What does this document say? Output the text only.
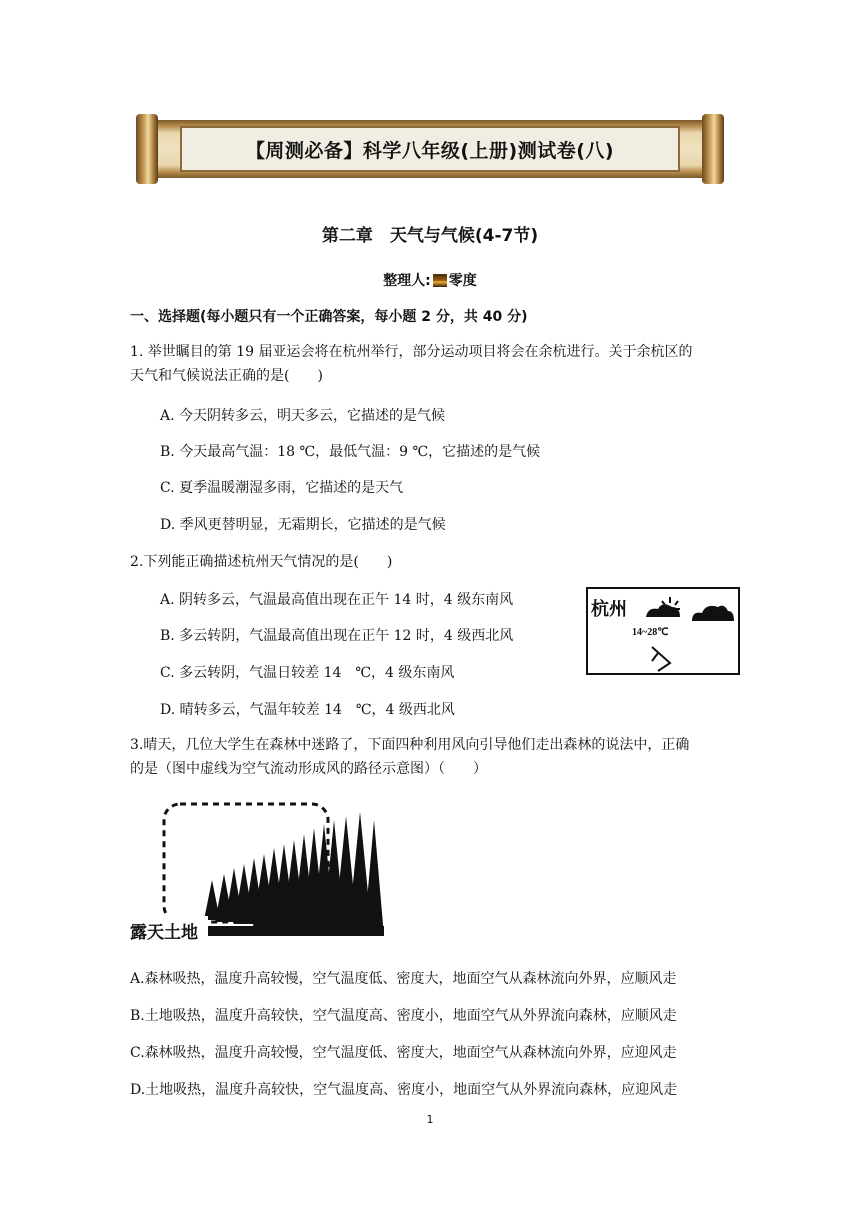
【周测必备】科学八年级(上册)测试卷(八)
第二章　天气与气候(4-7节)
整理人: 零度
一、选择题(每小题只有一个正确答案，每小题 2 分，共 40 分)
1. 举世瞩目的第 19 届亚运会将在杭州举行，部分运动项目将会在余杭进行。关于余杭区的
天气和气候说法正确的是(　　)
A. 今天阴转多云，明天多云，它描述的是气候
B. 今天最高气温：18 ℃，最低气温：9 ℃，它描述的是气候
C. 夏季温暖潮湿多雨，它描述的是天气
D. 季风更替明显，无霜期长，它描述的是气候
2.下列能正确描述杭州天气情况的是(　　)
A. 阴转多云，气温最高值出现在正午 14 时，4 级东南风
B. 多云转阴，气温最高值出现在正午 12 时，4 级西北风
C. 多云转阴，气温日较差 14　℃，4 级东南风
D. 晴转多云，气温年较差 14　℃，4 级西北风
杭州
14~28℃
3.晴天，几位大学生在森林中迷路了，下面四种利用风向引导他们走出森林的说法中，正确
的是（图中虚线为空气流动形成风的路径示意图）（　　）
露天土地
A.森林吸热，温度升高较慢，空气温度低、密度大，地面空气从森林流向外界，应顺风走
B.土地吸热，温度升高较快，空气温度高、密度小，地面空气从外界流向森林，应顺风走
C.森林吸热，温度升高较慢，空气温度低、密度大，地面空气从森林流向外界，应迎风走
D.土地吸热，温度升高较快，空气温度高、密度小，地面空气从外界流向森林，应迎风走
1
